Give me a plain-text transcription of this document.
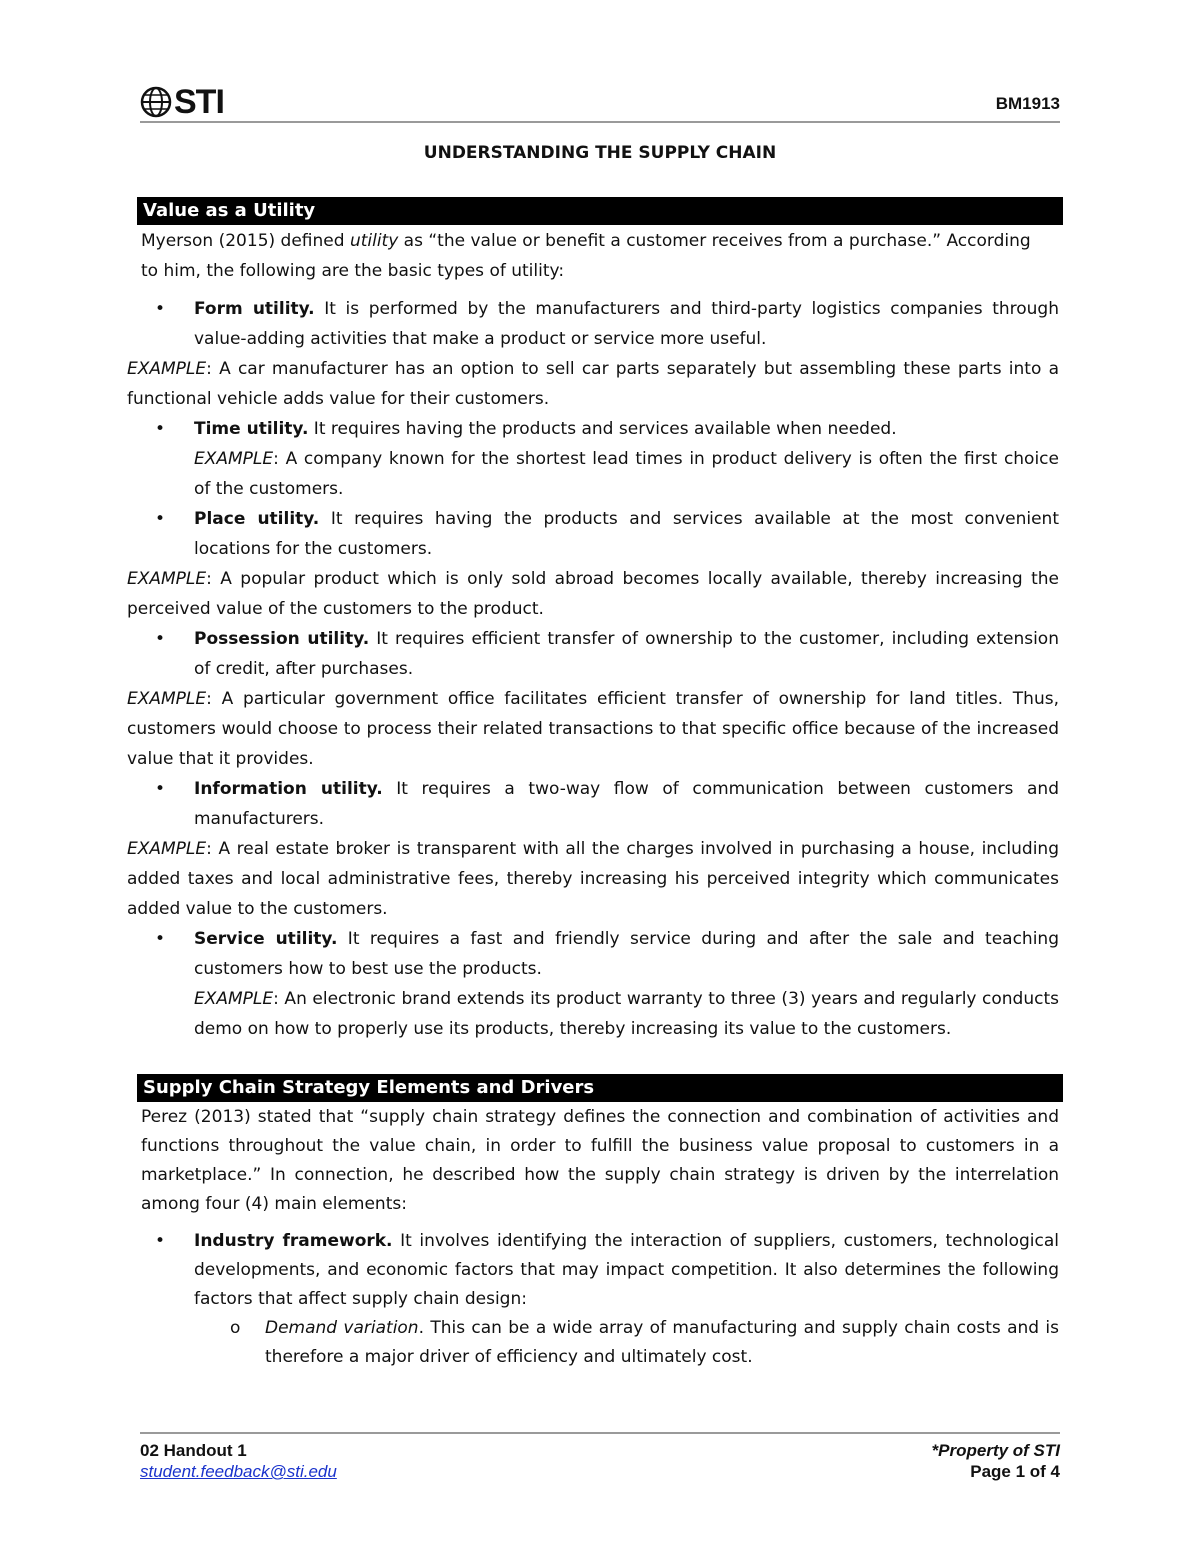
STI	BM1913
UNDERSTANDING THE SUPPLY CHAIN
Value as a Utility

Myerson (2015) defined utility as “the value or benefit a customer receives from a purchase.” According
to him, the following are the basic types of utility:

• Form utility. It is performed by the manufacturers and third-party logistics companies through value-adding activities that make a product or service more useful.

EXAMPLE: A car manufacturer has an option to sell car parts separately but assembling these parts into a functional vehicle adds value for their customers.

• Time utility. It requires having the products and services available when needed.

EXAMPLE: A company known for the shortest lead times in product delivery is often the first choice of the customers.

• Place utility. It requires having the products and services available at the most convenient locations for the customers.

EXAMPLE: A popular product which is only sold abroad becomes locally available, thereby increasing the perceived value of the customers to the product.

• Possession utility. It requires efficient transfer of ownership to the customer, including extension of credit, after purchases.

EXAMPLE: A particular government office facilitates efficient transfer of ownership for land titles. Thus, customers would choose to process their related transactions to that specific office because of the increased value that it provides.

• Information utility. It requires a two-way flow of communication between customers and manufacturers.

EXAMPLE: A real estate broker is transparent with all the charges involved in purchasing a house, including added taxes and local administrative fees, thereby increasing his perceived integrity which communicates added value to the customers.

• Service utility. It requires a fast and friendly service during and after the sale and teaching customers how to best use the products.

EXAMPLE: An electronic brand extends its product warranty to three (3) years and regularly conducts demo on how to properly use its products, thereby increasing its value to the customers.

Supply Chain Strategy Elements and Drivers

Perez (2013) stated that “supply chain strategy defines the connection and combination of activities and functions throughout the value chain, in order to fulfill the business value proposal to customers in a marketplace.” In connection, he described how the supply chain strategy is driven by the interrelation among four (4) main elements:

• Industry framework. It involves identifying the interaction of suppliers, customers, technological developments, and economic factors that may impact competition. It also determines the following factors that affect supply chain design:

o Demand variation. This can be a wide array of manufacturing and supply chain costs and is therefore a major driver of efficiency and ultimately cost.

02 Handout 1
student.feedback@sti.edu
*Property of STI
Page 1 of 4
